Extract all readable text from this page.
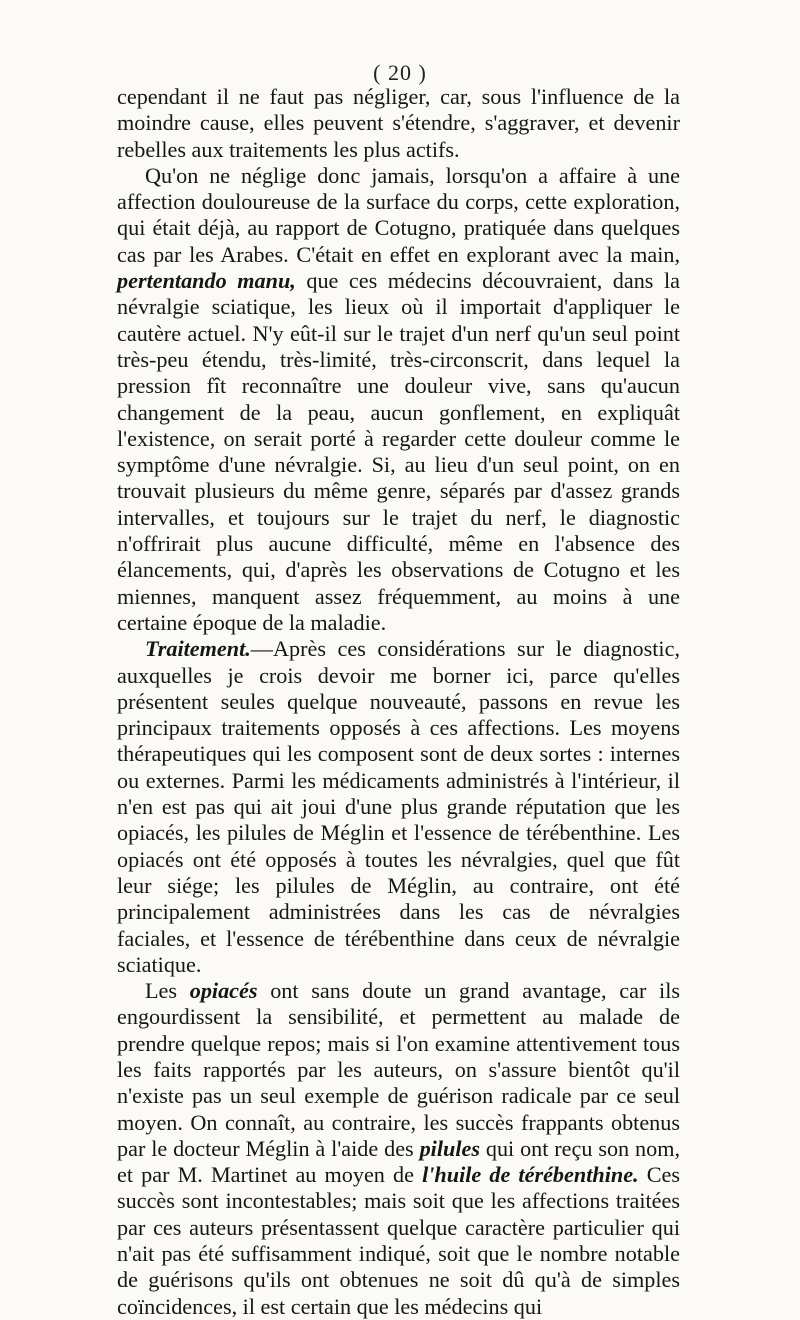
( 20 )

cependant il ne faut pas négliger, car, sous l'influence de la moindre cause, elles peuvent s'étendre, s'aggraver, et devenir rebelles aux traitements les plus actifs.

Qu'on ne néglige donc jamais, lorsqu'on a affaire à une affection douloureuse de la surface du corps, cette exploration, qui était déjà, au rapport de Cotugno, pratiquée dans quelques cas par les Arabes. C'était en effet en explorant avec la main, pertentando manu, que ces médecins découvraient, dans la névralgie sciatique, les lieux où il importait d'appliquer le cautère actuel. N'y eût-il sur le trajet d'un nerf qu'un seul point très-peu étendu, très-limité, très-circonscrit, dans lequel la pression fît reconnaître une douleur vive, sans qu'aucun changement de la peau, aucun gonflement, en expliquât l'existence, on serait porté à regarder cette douleur comme le symptôme d'une névralgie. Si, au lieu d'un seul point, on en trouvait plusieurs du même genre, séparés par d'assez grands intervalles, et toujours sur le trajet du nerf, le diagnostic n'offrirait plus aucune difficulté, même en l'absence des élancements, qui, d'après les observations de Cotugno et les miennes, manquent assez fréquemment, au moins à une certaine époque de la maladie.

Traitement.—Après ces considérations sur le diagnostic, auxquelles je crois devoir me borner ici, parce qu'elles présentent seules quelque nouveauté, passons en revue les principaux traitements opposés à ces affections. Les moyens thérapeutiques qui les composent sont de deux sortes : internes ou externes. Parmi les médicaments administrés à l'intérieur, il n'en est pas qui ait joui d'une plus grande réputation que les opiacés, les pilules de Méglin et l'essence de térébenthine. Les opiacés ont été opposés à toutes les névralgies, quel que fût leur siége; les pilules de Méglin, au contraire, ont été principalement administrées dans les cas de névralgies faciales, et l'essence de térébenthine dans ceux de névralgie sciatique.

Les opiacés ont sans doute un grand avantage, car ils engourdissent la sensibilité, et permettent au malade de prendre quelque repos; mais si l'on examine attentivement tous les faits rapportés par les auteurs, on s'assure bientôt qu'il n'existe pas un seul exemple de guérison radicale par ce seul moyen. On connaît, au contraire, les succès frappants obtenus par le docteur Méglin à l'aide des pilules qui ont reçu son nom, et par M. Martinet au moyen de l'huile de térébenthine. Ces succès sont incontestables; mais soit que les affections traitées par ces auteurs présentassent quelque caractère particulier qui n'ait pas été suffisamment indiqué, soit que le nombre notable de guérisons qu'ils ont obtenues ne soit dû qu'à de simples coïncidences, il est certain que les médecins qui
